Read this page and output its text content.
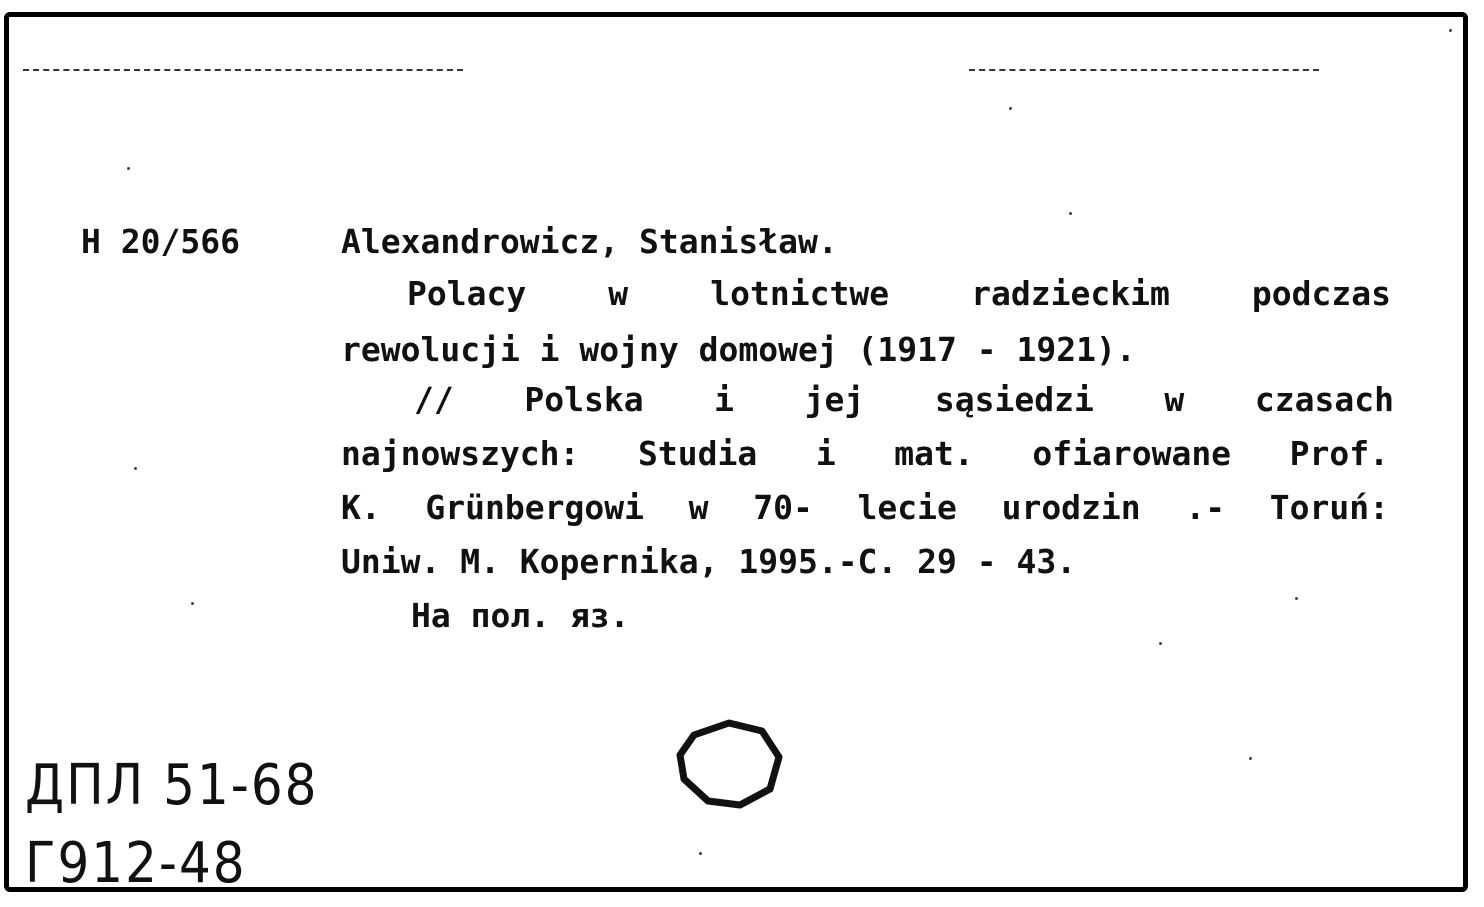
H 20/566	Alexandrowicz, Stanisław.
Polacy w lotnictwe radzieckim podczas
rewolucji i wojny domowej (1917 - 1921).
// Polska i jej sąsiedzi w czasach
najnowszych: Studia i mat. ofiarowane Prof.
K. Grünbergowi w 70- lecie urodzin .- Toruń:
Uniw. M. Kopernika, 1995.-C. 29 - 43.
На пол. яз.
ДПЛ 51-68
Г912-48
